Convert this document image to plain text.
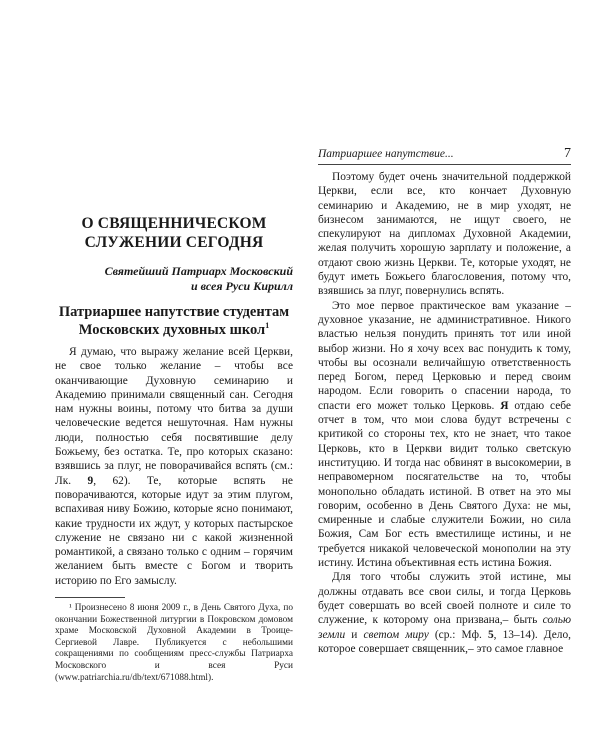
О СВЯЩЕННИЧЕСКОМ СЛУЖЕНИИ СЕГОДНЯ
Святейший Патриарх Московский
и всея Руси Кирилл
Патриаршее напутствие студентам Московских духовных школ$^1$

Я думаю, что выражу желание всей Церкви, не свое только желание – чтобы все оканчивающие Духовную семинарию и Академию принимали священный сан. Сегодня нам нужны воины, потому что битва за души человеческие ведется нешуточная. Нам нужны люди, полностью себя посвятившие делу Божьему, без остатка. Те, про которых сказано: взявшись за плуг, не поворачивайся вспять (см.: Лк. 9, 62). Те, которые вспять не поворачиваются, которые идут за этим плугом, вспахивая ниву Божию, которые ясно понимают, какие трудности их ждут, у которых пастырское служение не связано ни с какой жизненной романтикой, а связано только с одним – горячим желанием быть вместе с Богом и творить историю по Его замыслу.

¹ Произнесено 8 июня 2009 г., в День Святого Духа, по окончании Божественной литургии в Покровском домовом храме Московской Духовной Академии в Троице-Сергиевой Лавре. Публикуется с небольшими сокращениями по сообщениям пресс-службы Патриарха Московского и всея Руси (www.patriarchia.ru/db/text/671088.html).

Патриаршее напутствие...	7

Поэтому будет очень значительной поддержкой Церкви, если все, кто кончает Духовную семинарию и Академию, не в мир уходят, не бизнесом занимаются, не ищут своего, не спекулируют на дипломах Духовной Академии, желая получить хорошую зарплату и положение, а отдают свою жизнь Церкви. Те, которые уходят, не будут иметь Божьего благословения, потому что, взявшись за плуг, повернулись вспять.

Это мое первое практическое вам указание – духовное указание, не административное. Никого властью нельзя понудить принять тот или иной выбор жизни. Но я хочу всех вас понудить к тому, чтобы вы осознали величайшую ответственность перед Богом, перед Церковью и перед своим народом. Если говорить о спасении народа, то спасти его может только Церковь. Я отдаю себе отчет в том, что мои слова будут встречены с критикой со стороны тех, кто не знает, что такое Церковь, кто в Церкви видит только светскую институцию. И тогда нас обвинят в высокомерии, в неправомерном посягательстве на то, чтобы монопольно обладать истиной. В ответ на это мы говорим, особенно в День Святого Духа: не мы, смиренные и слабые служители Божии, но сила Божия, Сам Бог есть вместилище истины, и не требуется никакой человеческой монополии на эту истину. Истина объективная есть истина Божия.

Для того чтобы служить этой истине, мы должны отдавать все свои силы, и тогда Церковь будет совершать во всей своей полноте и силе то служение, к которому она призвана,– быть солью земли и светом миру (ср.: Мф. 5, 13–14). Дело, которое совершает священник,– это самое главное
